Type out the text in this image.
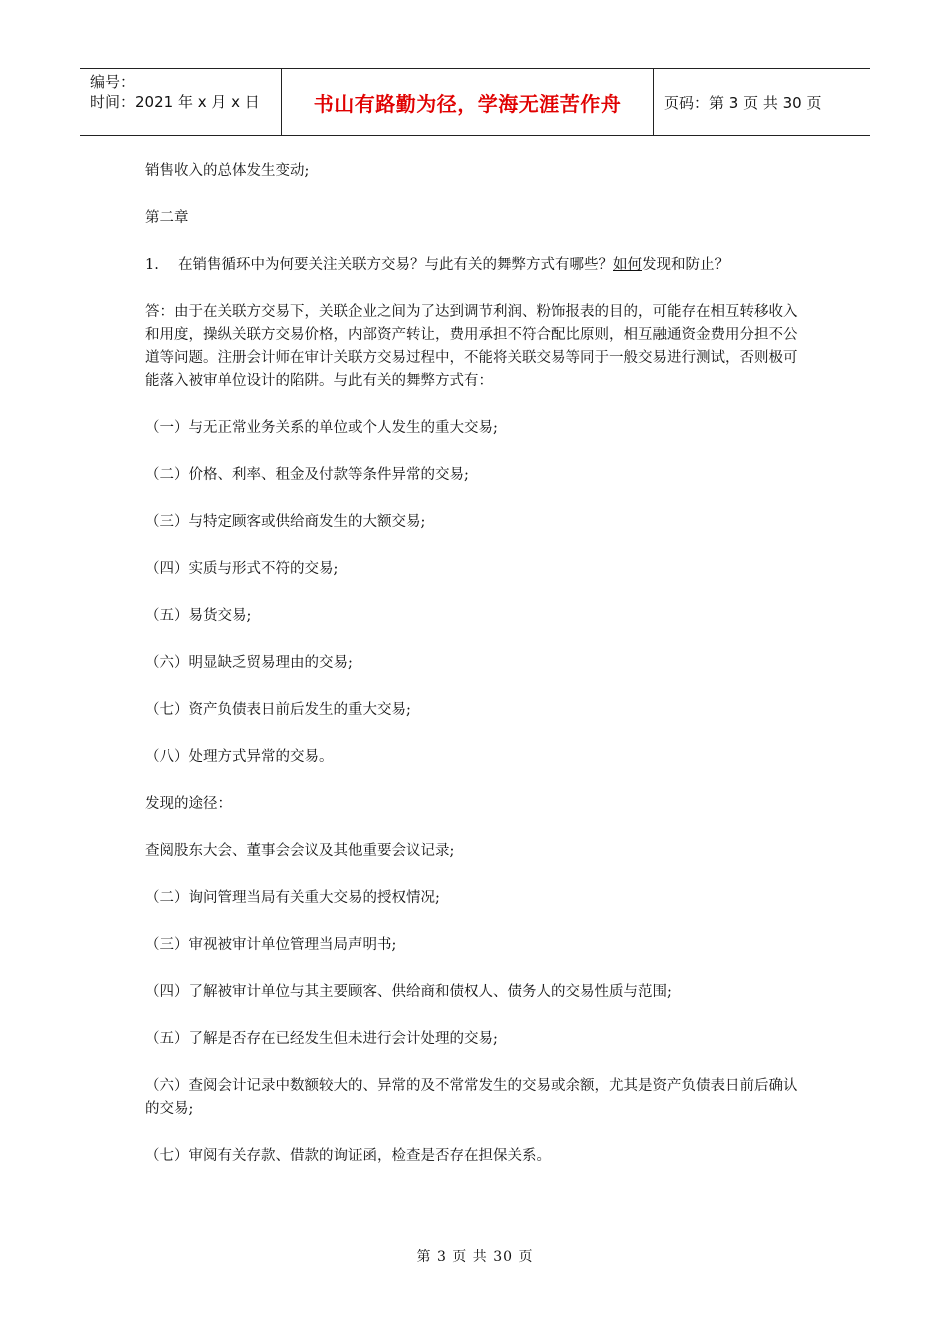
编号：
时间：2021 年 x 月 x 日	书山有路勤为径，学海无涯苦作舟	页码：第 3 页 共 30 页

销售收入的总体发生变动;

第二章

1. 在销售循环中为何要关注关联方交易？与此有关的舞弊方式有哪些？如何发现和防止？

答：由于在关联方交易下，关联企业之间为了达到调节利润、粉饰报表的目的，可能存在相互转移收入和用度，操纵关联方交易价格，内部资产转让，费用承担不符合配比原则，相互融通资金费用分担不公道等问题。注册会计师在审计关联方交易过程中，不能将关联交易等同于一般交易进行测试，否则极可能落入被审单位设计的陷阱。与此有关的舞弊方式有：

（一）与无正常业务关系的单位或个人发生的重大交易;

（二）价格、利率、租金及付款等条件异常的交易;

（三）与特定顾客或供给商发生的大额交易;

（四）实质与形式不符的交易;

（五）易货交易;

（六）明显缺乏贸易理由的交易;

（七）资产负债表日前后发生的重大交易;

（八）处理方式异常的交易。

发现的途径：

查阅股东大会、董事会会议及其他重要会议记录;

（二）询问管理当局有关重大交易的授权情况;

（三）审视被审计单位管理当局声明书;

（四）了解被审计单位与其主要顾客、供给商和债权人、债务人的交易性质与范围;

（五）了解是否存在已经发生但未进行会计处理的交易;

（六）查阅会计记录中数额较大的、异常的及不常常发生的交易或余额，尤其是资产负债表日前后确认的交易;

（七）审阅有关存款、借款的询证函，检查是否存在担保关系。

第 3 页 共 30 页
